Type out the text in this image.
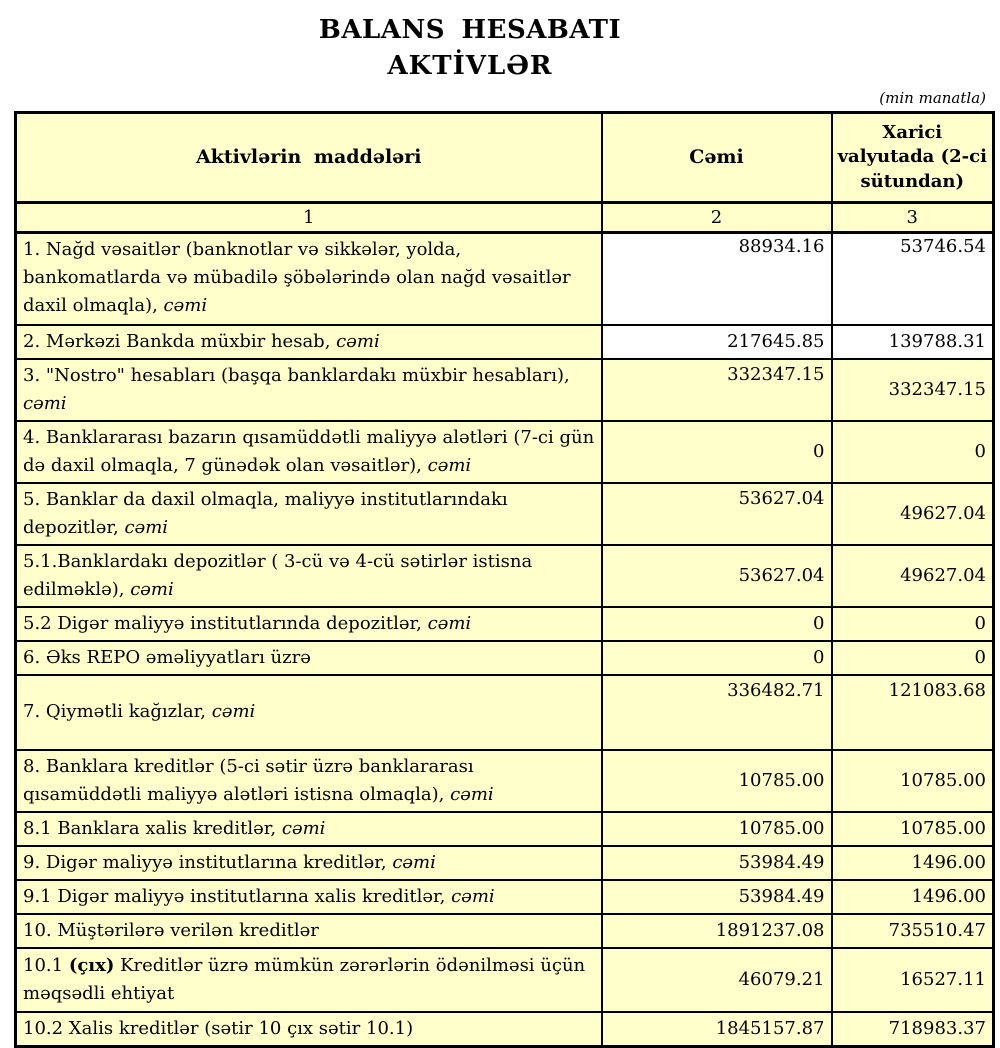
BALANS HESABATI
AKTİVLƏR
(min manatla)
Aktivlərin maddələri	Cəmi	Xarici valyutada (2-ci sütundan)
1	2	3
1. Nağd vəsaitlər (banknotlar və sikkələr, yolda, bankomatlarda və mübadilə şöbələrində olan nağd vəsaitlər daxil olmaqla), cəmi	88934.16	53746.54
2. Mərkəzi Bankda müxbir hesab, cəmi	217645.85	139788.31
3. "Nostro" hesabları (başqa banklardakı müxbir hesabları), cəmi	332347.15	332347.15
4. Banklararası bazarın qısamüddətli maliyyə alətləri (7-ci gün də daxil olmaqla, 7 günədək olan vəsaitlər), cəmi	0	0
5. Banklar da daxil olmaqla, maliyyə institutlarındakı depozitlər, cəmi	53627.04	49627.04
5.1.Banklardakı depozitlər ( 3-cü və 4-cü sətirlər istisna edilməklə), cəmi	53627.04	49627.04
5.2 Digər maliyyə institutlarında depozitlər, cəmi	0	0
6. Əks REPO əməliyyatları üzrə	0	0
7. Qiymətli kağızlar, cəmi	336482.71	121083.68
8. Banklara kreditlər (5-ci sətir üzrə banklararası qısamüddətli maliyyə alətləri istisna olmaqla), cəmi	10785.00	10785.00
8.1 Banklara xalis kreditlər, cəmi	10785.00	10785.00
9. Digər maliyyə institutlarına kreditlər, cəmi	53984.49	1496.00
9.1 Digər maliyyə institutlarına xalis kreditlər, cəmi	53984.49	1496.00
10. Müştərilərə verilən kreditlər	1891237.08	735510.47
10.1 (çıx) Kreditlər üzrə mümkün zərərlərin ödənilməsi üçün məqsədli ehtiyat	46079.21	16527.11
10.2 Xalis kreditlər (sətir 10 çıx sətir 10.1)	1845157.87	718983.37
